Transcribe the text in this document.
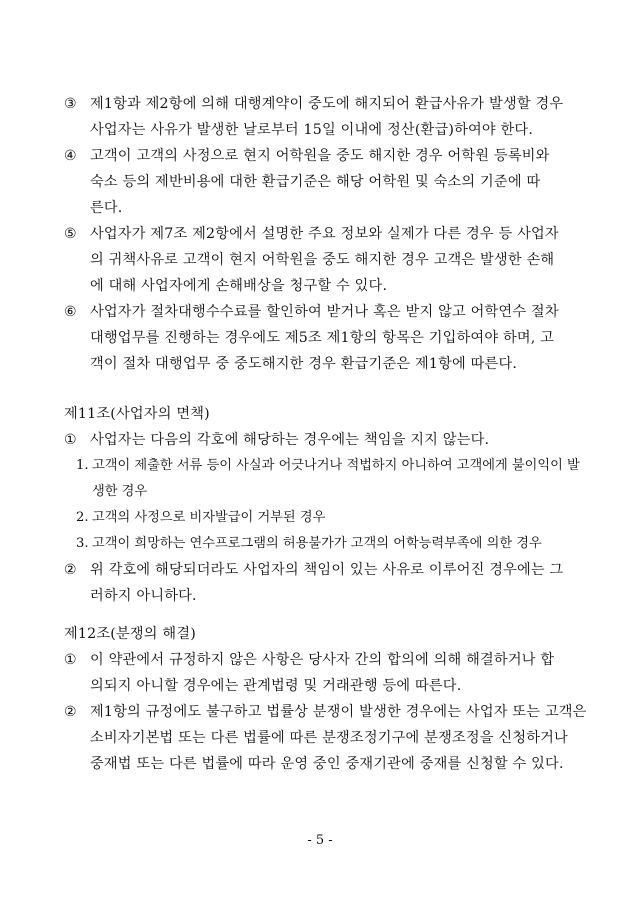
③ 제1항과 제2항에 의해 대행계약이 중도에 해지되어 환급사유가 발생할 경우
사업자는 사유가 발생한 날로부터 15일 이내에 정산(환급)하여야 한다.
④ 고객이 고객의 사정으로 현지 어학원을 중도 해지한 경우 어학원 등록비와
숙소 등의 제반비용에 대한 환급기준은 해당 어학원 및 숙소의 기준에 따
른다.
⑤ 사업자가 제7조 제2항에서 설명한 주요 정보와 실제가 다른 경우 등 사업자
의 귀책사유로 고객이 현지 어학원을 중도 해지한 경우 고객은 발생한 손해
에 대해 사업자에게 손해배상을 청구할 수 있다.
⑥ 사업자가 절차대행수수료를 할인하여 받거나 혹은 받지 않고 어학연수 절차
대행업무를 진행하는 경우에도 제5조 제1항의 항목은 기입하여야 하며, 고
객이 절차 대행업무 중 중도해지한 경우 환급기준은 제1항에 따른다.
제11조(사업자의 면책)
① 사업자는 다음의 각호에 해당하는 경우에는 책임을 지지 않는다.
1. 고객이 제출한 서류 등이 사실과 어긋나거나 적법하지 아니하여 고객에게 불이익이 발
생한 경우
2. 고객의 사정으로 비자발급이 거부된 경우
3. 고객이 희망하는 연수프로그램의 허용불가가 고객의 어학능력부족에 의한 경우
② 위 각호에 해당되더라도 사업자의 책임이 있는 사유로 이루어진 경우에는 그
러하지 아니하다.
제12조(분쟁의 해결)
① 이 약관에서 규정하지 않은 사항은 당사자 간의 합의에 의해 해결하거나 합
의되지 아니할 경우에는 관계법령 및 거래관행 등에 따른다.
② 제1항의 규정에도 불구하고 법률상 분쟁이 발생한 경우에는 사업자 또는 고객은
소비자기본법 또는 다른 법률에 따른 분쟁조정기구에 분쟁조정을 신청하거나
중재법 또는 다른 법률에 따라 운영 중인 중재기관에 중재를 신청할 수 있다.
- 5 -
